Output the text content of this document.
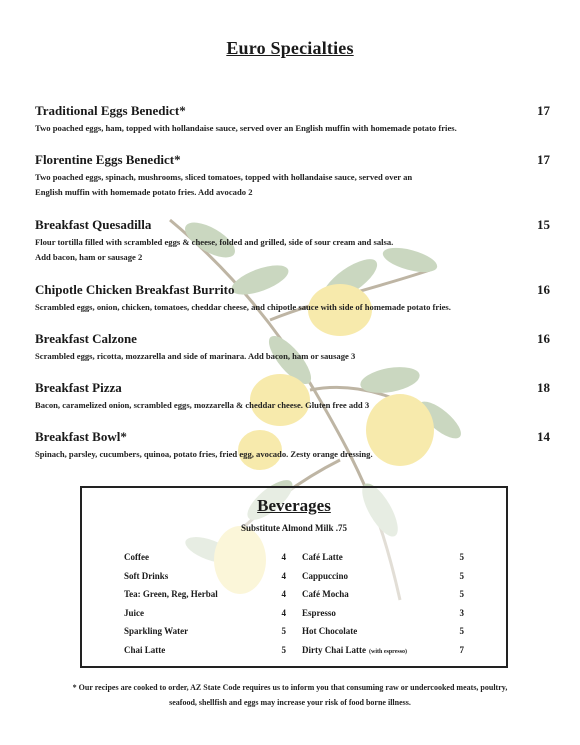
Euro Specialties
Traditional Eggs Benedict*	17
Two poached eggs, ham, topped with hollandaise sauce, served over an English muffin with homemade potato fries.
Florentine Eggs Benedict*	17
Two poached eggs, spinach, mushrooms, sliced tomatoes, topped with hollandaise sauce, served over an
English muffin with homemade potato fries. Add avocado 2
Breakfast Quesadilla	15
Flour tortilla filled with scrambled eggs & cheese, folded and grilled, side of sour cream and salsa.
Add bacon, ham or sausage 2
Chipotle Chicken Breakfast Burrito	16
Scrambled eggs, onion, chicken, tomatoes, cheddar cheese, and chipotle sauce with side of homemade potato fries.
Breakfast Calzone	16
Scrambled eggs, ricotta, mozzarella and side of marinara. Add bacon, ham or sausage 3
Breakfast Pizza	18
Bacon, caramelized onion, scrambled eggs, mozzarella & cheddar cheese. Gluten free add 3
Breakfast Bowl*	14
Spinach, parsley, cucumbers, quinoa, potato fries, fried egg, avocado. Zesty orange dressing.
Beverages
Substitute Almond Milk .75
Coffee	4
Soft Drinks	4
Tea: Green, Reg, Herbal	4
Juice	4
Sparkling Water	5
Chai Latte	5
Café Latte	5
Cappuccino	5
Café Mocha	5
Espresso	3
Hot Chocolate	5
Dirty Chai Latte (with espresso)	7
* Our recipes are cooked to order, AZ State Code requires us to inform you that consuming raw or undercooked meats, poultry,
seafood, shellfish and eggs may increase your risk of food borne illness.
